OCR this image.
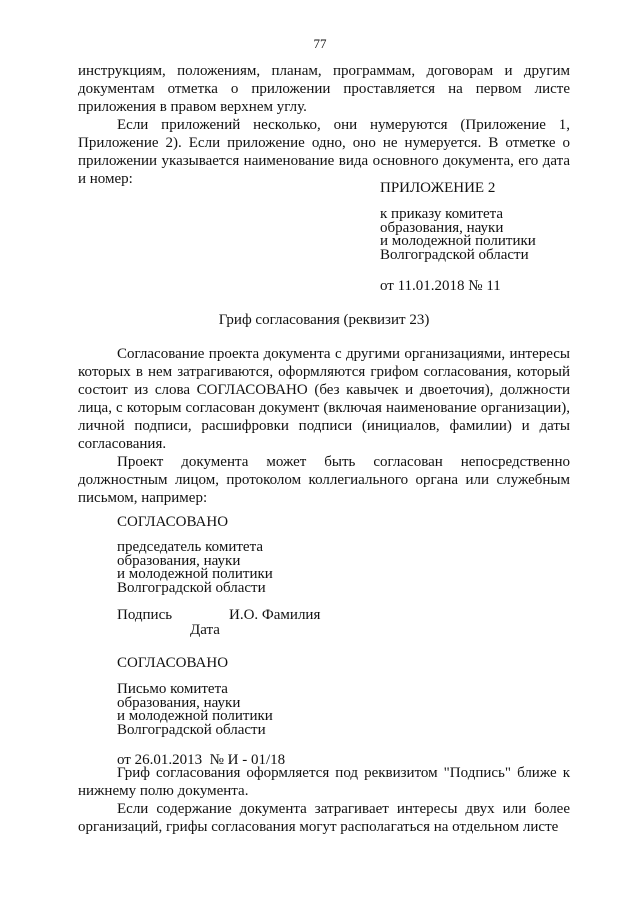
77

инструкциям, положениям, планам, программам, договорам и другим документам отметка о приложении проставляется на первом листе приложения в правом верхнем углу.

Если приложений несколько, они нумеруются (Приложение 1, Приложение 2). Если приложение одно, оно не нумеруется. В отметке о приложении указывается наименование вида основного документа, его дата и номер:

ПРИЛОЖЕНИЕ 2

к приказу комитета

образования, науки

и молодежной политики

Волгоградской области

от 11.01.2018 № 11

Гриф согласования (реквизит 23)

Согласование проекта документа с другими организациями, интересы которых в нем затрагиваются, оформляются грифом согласования, который состоит из слова СОГЛАСОВАНО (без кавычек и двоеточия), должности лица, с которым согласован документ (включая наименование организации), личной подписи, расшифровки подписи (инициалов, фамилии) и даты согласования.

Проект документа может быть согласован непосредственно должностным лицом, протоколом коллегиального органа или служебным письмом, например:

СОГЛАСОВАНО

председатель комитета

образования, науки

и молодежной политики

Волгоградской области

Подпись	И.О. Фамилия
Дата

СОГЛАСОВАНО

Письмо комитета

образования, науки

и молодежной политики

Волгоградской области

от 26.01.2013  № И - 01/18

Гриф согласования оформляется под реквизитом "Подпись" ближе к нижнему полю документа.

Если содержание документа затрагивает интересы двух или более организаций, грифы согласования могут располагаться на отдельном листе
